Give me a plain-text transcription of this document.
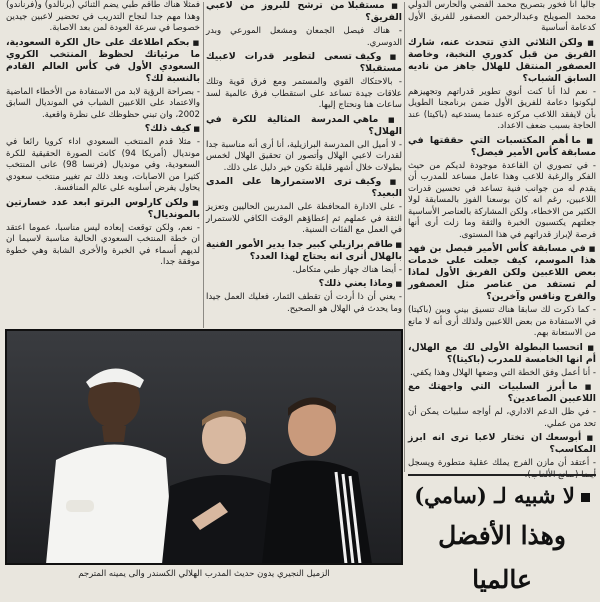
جاليا انا فخور بتصريح محمد الفضي والحارس الدولي محمد الصويلح وعبدالرحمن العصفور للفريق الأول كدعامة أساسية

■ ولكن الثلاثي الذي تتحدث عنه، شارك الفريق من قبل كدوري النخبة، وخاصة العصفور المنتقل للهلال جاهز من ناديه السابق الشباب؟

- نعم لذا أنا كنت أنوي تطوير قدراتهم وتجهيزهم ليكونوا دعامة للفريق الأول ضمن برنامجنا الطويل بأن لايفقد اللاعب مركزه عندما يستدعيه (باكيتا) عند الحاجة بسبب ضعف الاعداد.

■ ما أهم المكتسبات التي حققتها في مسابقة كأس الأمير فيصل؟

- في تصوري ان القاعدة موجودة لديكم من حيث الفكر والرغبة للاعب وهذا عامل مساعد للمدرب أن يقدم له من جوانب فنية تساعد في تحسين قدرات اللاعبين، رغم انه كان بوسعنا الفوز بالمسابقة لولا الكثير من الاخطاء، ولكن المشاركة بالعناصر الأساسية جعلتهم يكتسبون الخبرة والثقة وما زلت أرى أنها فرصة لإبراز قدراتهم في هذا المستوى.

■ في مسابقة كأس الأمير فيصل بن فهد هذا الموسم، كيف جعلت على خدمات بعض اللاعبين ولكن الفريق الأول لماذا لم تستفد من عناصر مثل العصفور والفرج ونافس وآخرين؟

- كما ذكرت لك سابقا هناك تنسيق بيني وبين (باكيتا) في الاستفادة من بعض اللاعبين ولذلك أرى أنه لا مانع من الاستعانة بهم.

■ اتحسبا البطولة الأولى لك مع الهلال، أم انها الخامسة للمدرب (باكيتا)؟

- أنا أعمل وفق الخطة التي وضعها الهلال وهذا يكفي.

■ ما أبرز السلبيات التي واجهتك مع اللاعبين الصاعدين؟

- في ظل الدعم الاداري، لم أواجه سلبيات يمكن أن تحد من عملي.

■ أبوسعك ان تختار لاعبا ترى انه ابرز المكاسب؟

- أعتقد أن مازن الفرج يملك عقلية متطورة ويسجل

■ مستقبلا من ترشح للبروز من لاعبي الفريق؟

- هناك فيصل الجمعان ومشعل المورعي وبدر الدوسري.

■ وكيف تسعى لتطوير قدرات لاعبيك مستقبلا؟

- بالاحتكاك القوي والمستمر ومع فرق قوية وتلك علاقات جيدة تساعد على استقطاب فرق عالمية لسد ساعات هنا ونحتاج إليها.

■ ماهي المدرسة المثالية للكرة في الهلال؟

- لا أميل الى المدرسة البرازيلية، أنا أرى أنه مناسبة جدا لقدرات لاعبي الهلال وأتصور ان تحقيق الهلال لخمس بطولات خلال أشهر قليلة تكون خير دليل على ذلك.

■ وكيف ترى الاستمرارها على المدى البعيد؟

- على الادارة المحافظة على المدربين الحاليين وتعزيز الثقة في عملهم ثم إعطاؤهم الوقت الكافي للاستمرار في العمل مع الفئات السنية.

■ طاقم برازيلي كبير جدا يدير الأمور الفنية بالهلال أترى انه يحتاج لهذا العدد؟

- أيضا هناك جهاز طبي متكامل.

■ وماذا يعني ذلك؟

- يعني أن ذا أردت أن تقطف الثمار، فعليك العمل جيدا وما يحدث في الهلال هو الصحيح.

فمثلا هناك طاقم طبي يضم الثنائي (برنالدو) و(فرناندو) وهذا مهم جدا لنجاح التدريب في تحضير لاعبين جيدين خصوصا في سرعة العودة لمن بعد الاصابة.

■ بحكم اطلاعك على حال الكرة السعودية، ما مرئياتك لحظوظ المنتخب الكروي السعودي الأول في كأس العالم القادم بالنسبة لك؟

- بصراحة الرؤية لابد من الاستفادة من الأخطاء الماضية والاعتماد على اللاعبين الشباب في المونديال السابق 2002، وان تبني حظوظك على نظرة واقعية.

■ كيف ذلك؟

- مثلا قدم المنتخب السعودي اداء كرويا رائعا في مونديال (أمريكا 94) كانت الصورة الحقيقية للكرة السعودية، وفي مونديال (فرنسا 98) عانى المنتخب كثيرا من الاصابات، وبعد ذلك تم تغيير منتخب سعودي يحاول يفرض أسلوبه على عالم المنافسة.

■ ولكن كارلوس البرتو ابعد عدد خسارتين بالمونديال؟

- نعم، ولكن توقعت إبعاده ليس مناسبا، عموما اعتقد ان خطة المنتخب السعودي الحالية مناسبة لاسيما ان لديهم أسماء في الخبرة والأخرى الشابة وهي خطوة موفقة جدا.

الزميل النجيري يدون حديث المدرب الهلالي الكسندر والى يمينه المترجم
لا شبيه لـ (سامي)
وهذا الأفضل عالميا
